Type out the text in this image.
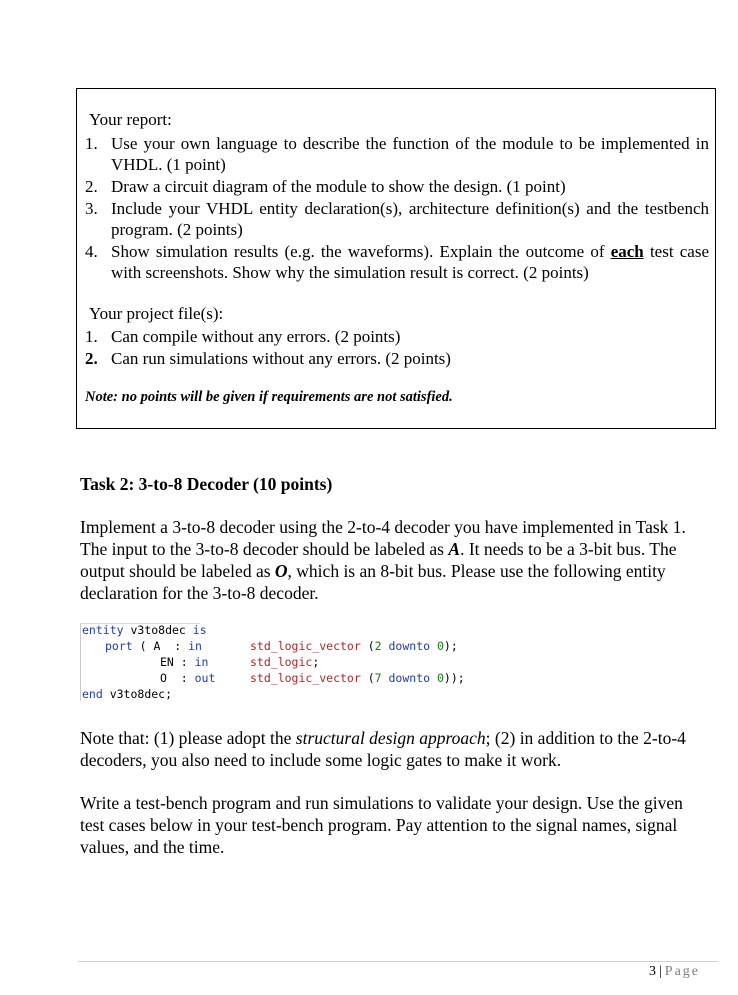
Your report:
1. Use your own language to describe the function of the module to be implemented in VHDL. (1 point)
2. Draw a circuit diagram of the module to show the design. (1 point)
3. Include your VHDL entity declaration(s), architecture definition(s) and the testbench program. (2 points)
4. Show simulation results (e.g. the waveforms). Explain the outcome of each test case with screenshots. Show why the simulation result is correct. (2 points)
Your project file(s):
1. Can compile without any errors. (2 points)
2. Can run simulations without any errors. (2 points)
Note: no points will be given if requirements are not satisfied.
Task 2: 3-to-8 Decoder (10 points)

Implement a 3-to-8 decoder using the 2-to-4 decoder you have implemented in Task 1. The input to the 3-to-8 decoder should be labeled as A. It needs to be a 3-bit bus. The output should be labeled as O, which is an 8-bit bus. Please use the following entity declaration for the 3-to-8 decoder.

entity v3to8dec is
port ( A  : in	std_logic_vector (2 downto 0);
EN : in	std_logic;
O  : out	std_logic_vector (7 downto 0));
end v3to8dec;

Note that: (1) please adopt the structural design approach; (2) in addition to the 2-to-4 decoders, you also need to include some logic gates to make it work.

Write a test-bench program and run simulations to validate your design. Use the given test cases below in your test-bench program. Pay attention to the signal names, signal values, and the time.

3 | Page
